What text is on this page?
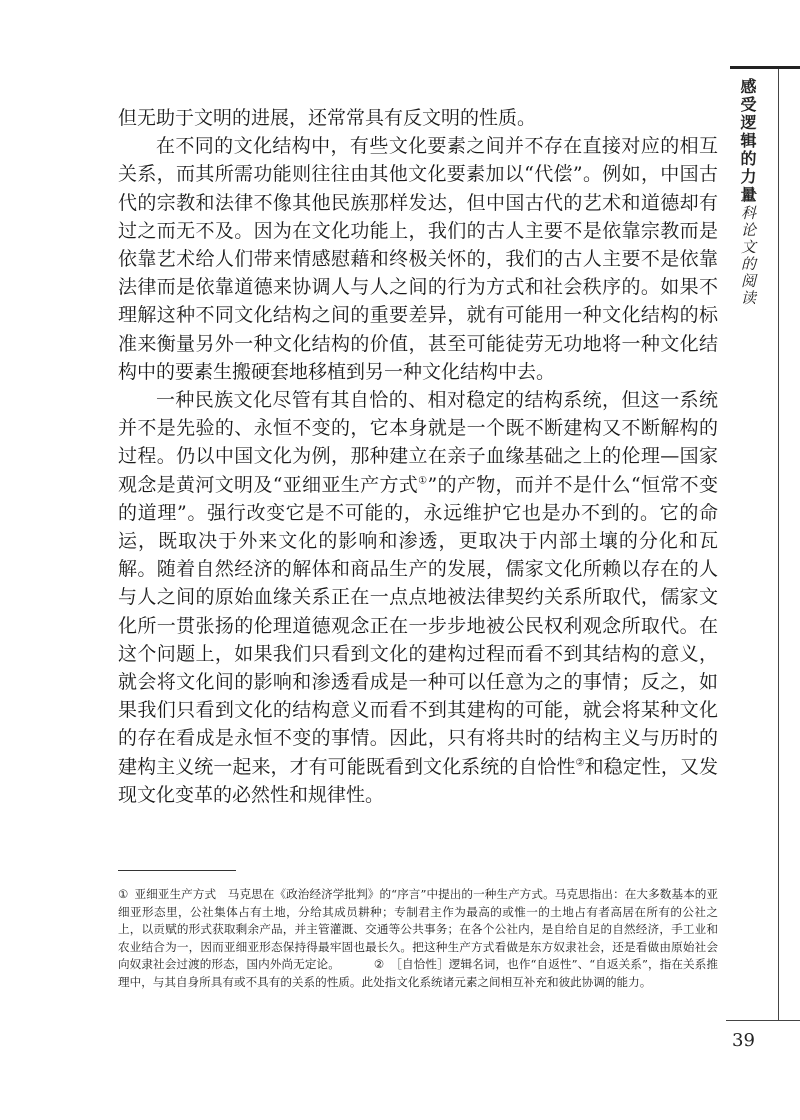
但无助于文明的进展，还常常具有反文明的性质。

在不同的文化结构中，有些文化要素之间并不存在直接对应的相互关系，而其所需功能则往往由其他文化要素加以“代偿”。例如，中国古代的宗教和法律不像其他民族那样发达，但中国古代的艺术和道德却有过之而无不及。因为在文化功能上，我们的古人主要不是依靠宗教而是依靠艺术给人们带来情感慰藉和终极关怀的，我们的古人主要不是依靠法律而是依靠道德来协调人与人之间的行为方式和社会秩序的。如果不理解这种不同文化结构之间的重要差异，就有可能用一种文化结构的标准来衡量另外一种文化结构的价值，甚至可能徒劳无功地将一种文化结构中的要素生搬硬套地移植到另一种文化结构中去。

一种民族文化尽管有其自恰的、相对稳定的结构系统，但这一系统并不是先验的、永恒不变的，它本身就是一个既不断建构又不断解构的过程。仍以中国文化为例，那种建立在亲子血缘基础之上的伦理—国家观念是黄河文明及“亚细亚生产方式①”的产物，而并不是什么“恒常不变的道理”。强行改变它是不可能的，永远维护它也是办不到的。它的命运，既取决于外来文化的影响和渗透，更取决于内部土壤的分化和瓦解。随着自然经济的解体和商品生产的发展，儒家文化所赖以存在的人与人之间的原始血缘关系正在一点点地被法律契约关系所取代，儒家文化所一贯张扬的伦理道德观念正在一步步地被公民权利观念所取代。在这个问题上，如果我们只看到文化的建构过程而看不到其结构的意义，就会将文化间的影响和渗透看成是一种可以任意为之的事情；反之，如果我们只看到文化的结构意义而看不到其建构的可能，就会将某种文化的存在看成是永恒不变的事情。因此，只有将共时的结构主义与历时的建构主义统一起来，才有可能既看到文化系统的自恰性②和稳定性，又发现文化变革的必然性和规律性。

① 亚细亚生产方式　马克思在《政治经济学批判》的“序言”中提出的一种生产方式。马克思指出：在大多数基本的亚细亚形态里，公社集体占有土地，分给其成员耕种；专制君主作为最高的或惟一的土地占有者高居在所有的公社之上，以贡赋的形式获取剩余产品，并主管灌溉、交通等公共事务；在各个公社内，是自给自足的自然经济，手工业和农业结合为一，因而亚细亚形态保持得最牢固也最长久。把这种生产方式看做是东方奴隶社会，还是看做由原始社会向奴隶社会过渡的形态，国内外尚无定论。	② ［自恰性］逻辑名词，也作“自返性”、“自返关系”，指在关系推理中，与其自身所具有或不具有的关系的性质。此处指文化系统诸元素之间相互补充和彼此协调的能力。

感受逻辑的力量
社科论文的阅读
39
